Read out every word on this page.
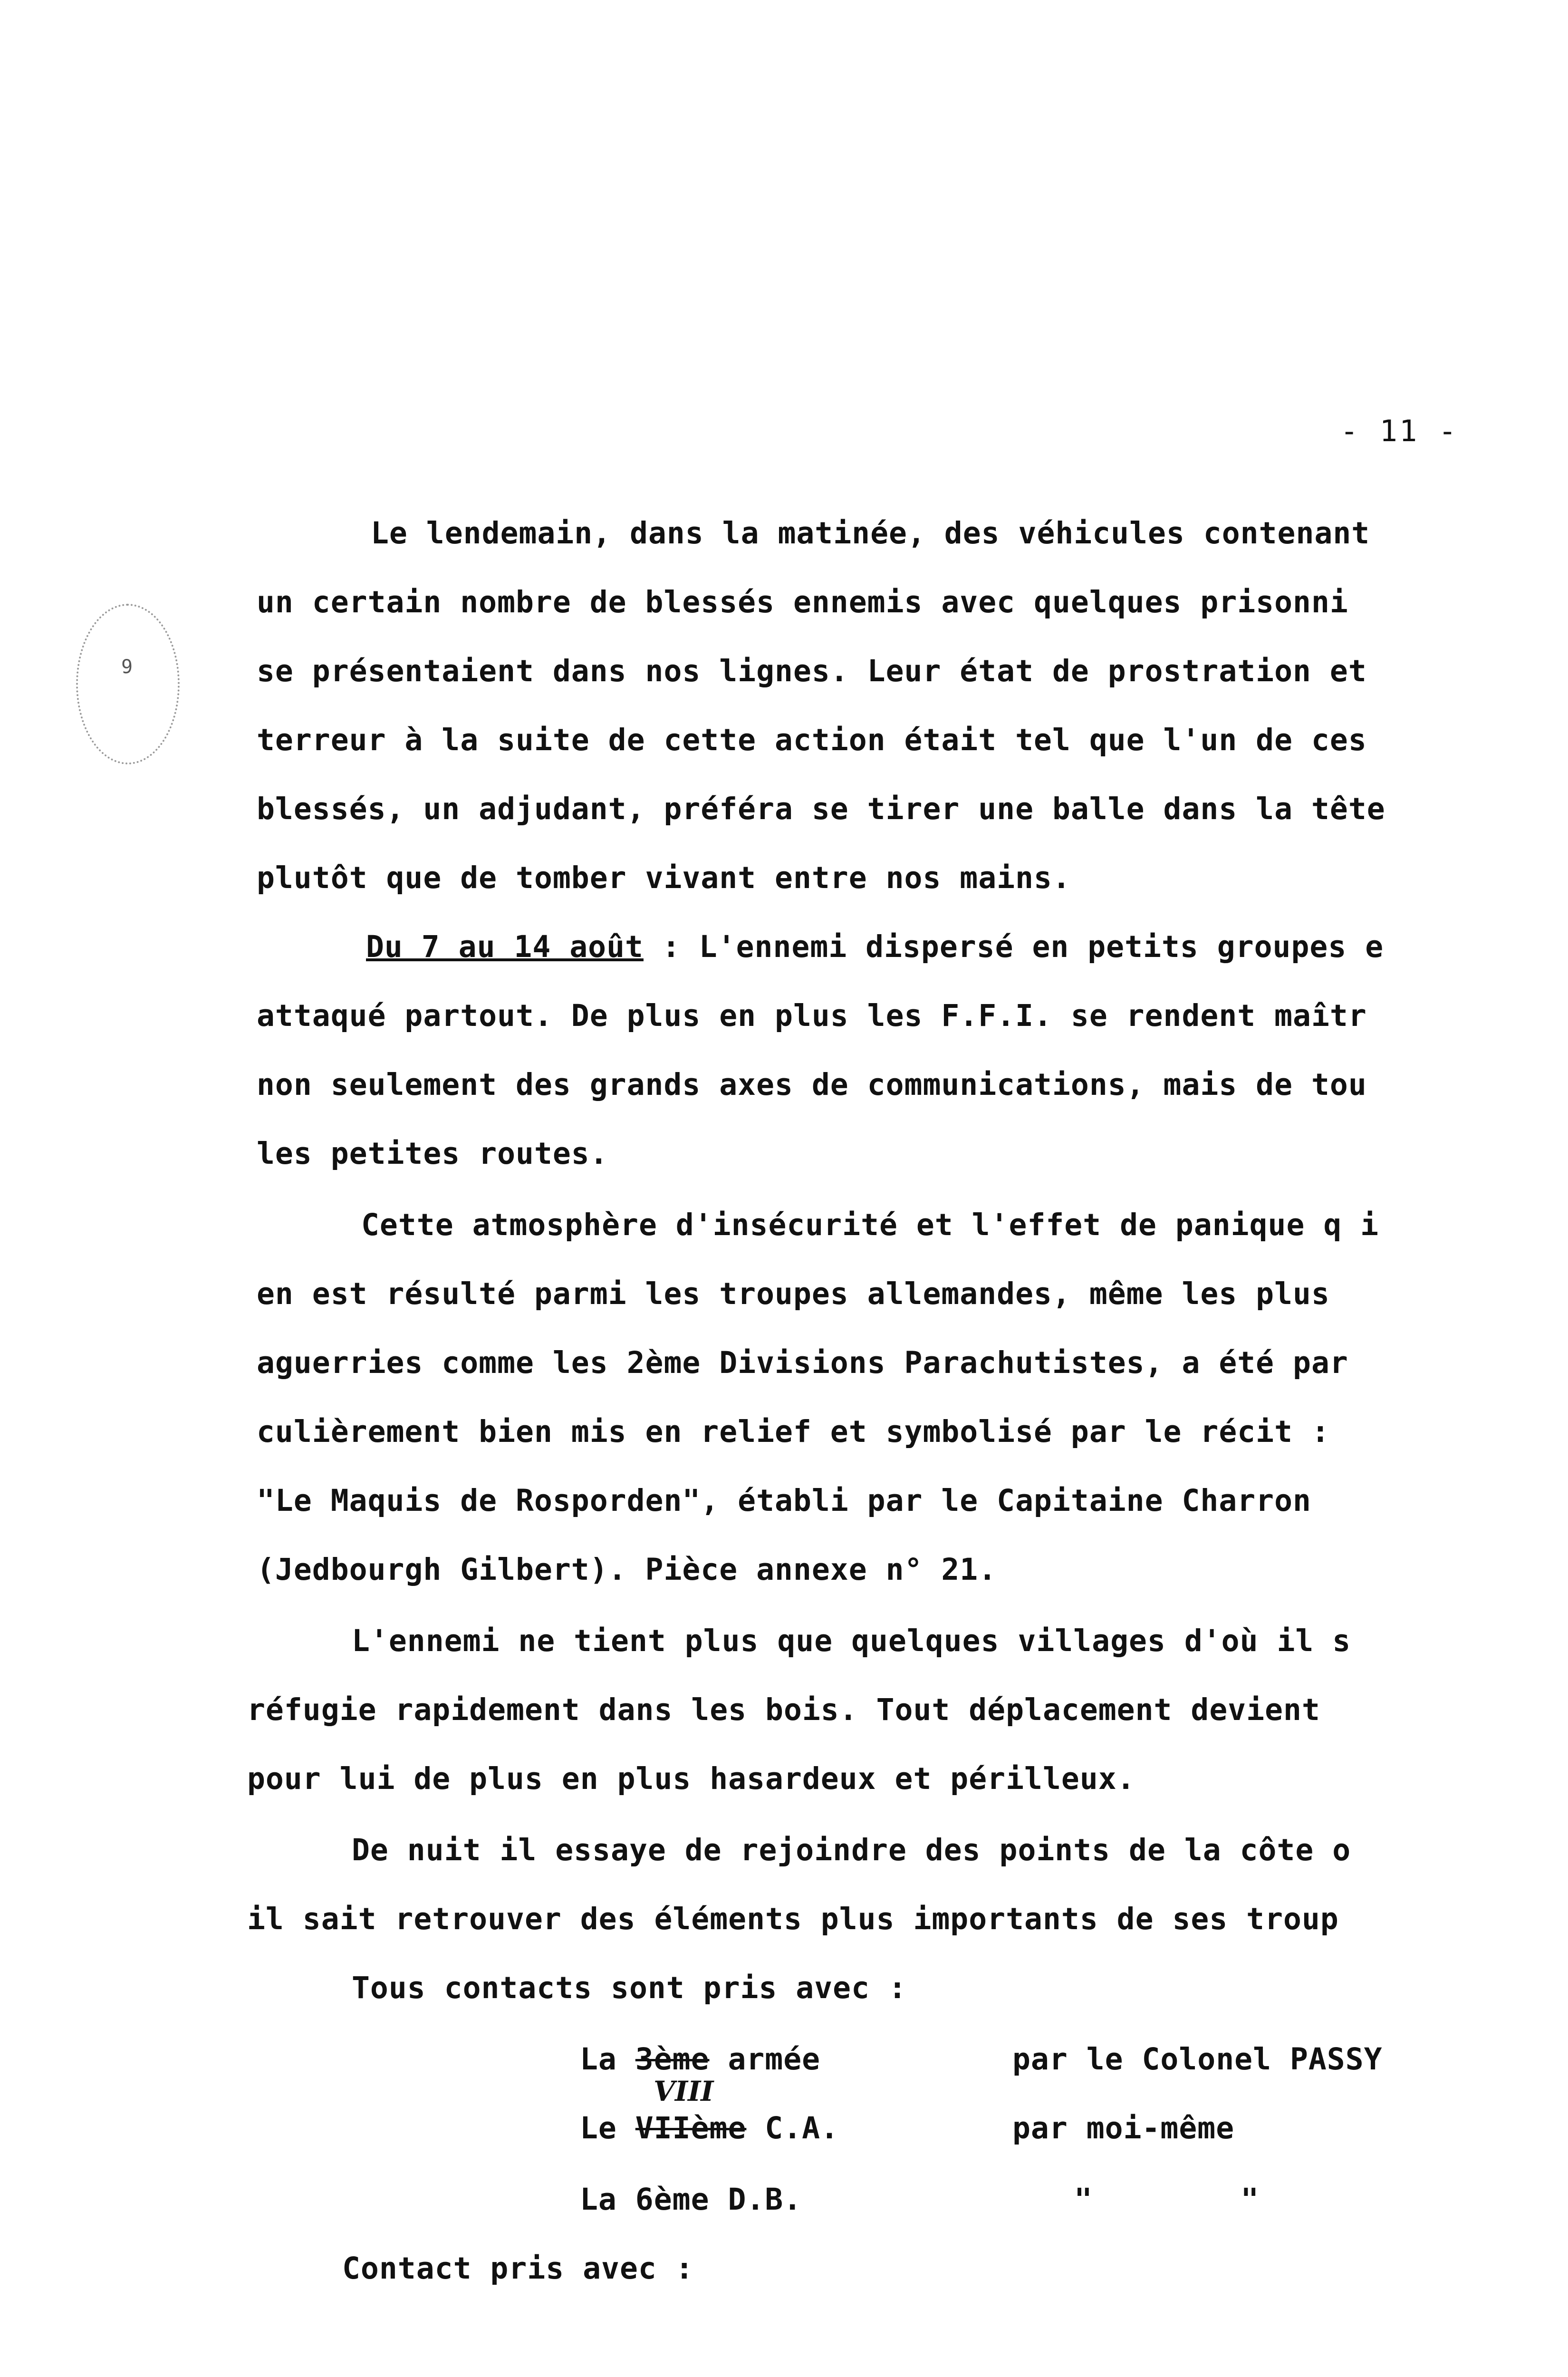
9
- 11 -
Le lendemain, dans la matinée, des véhicules contenant
un certain nombre de blessés ennemis avec quelques prisonni
se présentaient dans nos lignes. Leur état de prostration et
terreur à la suite de cette action était tel que l'un de ces
blessés, un adjudant, préféra se tirer une balle dans la tête
plutôt que de tomber vivant entre nos mains.
Du 7 au 14 août : L'ennemi dispersé en petits groupes e
attaqué partout. De plus en plus les F.F.I. se rendent maîtr
non seulement des grands axes de communications, mais de tou
les petites routes.
Cette atmosphère d'insécurité et l'effet de panique q i
en est résulté parmi les troupes allemandes, même les plus
aguerries comme les 2ème Divisions Parachutistes, a été par
culièrement bien mis en relief et symbolisé par le récit :
"Le Maquis de Rosporden", établi par le Capitaine Charron
(Jedbourgh Gilbert). Pièce annexe n° 21.
L'ennemi ne tient plus que quelques villages d'où il s
réfugie rapidement dans les bois. Tout déplacement devient
pour lui de plus en plus hasardeux et périlleux.
De nuit il essaye de rejoindre des points de la côte o
il sait retrouver des éléments plus importants de ses troup
Tous contacts sont pris avec :
La 3ème armée	par le Colonel PASSY
VIII
Le VIIème C.A.	par moi-même
La 6ème D.B.	"        "
Contact pris avec :
